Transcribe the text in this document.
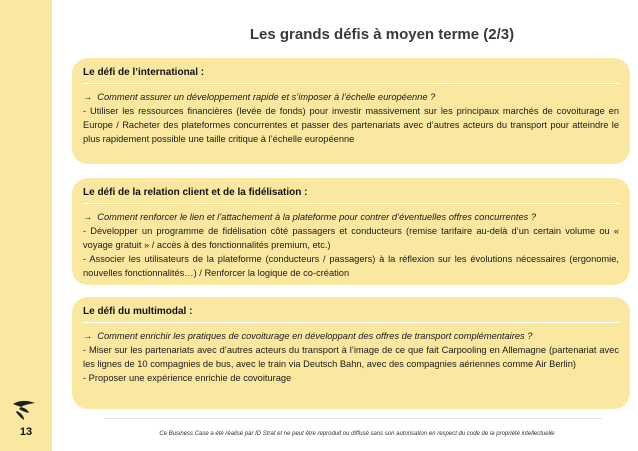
13
Les grands défis à moyen terme (2/3)
Le défi de l’international :

→ Comment assurer un développement rapide et s’imposer à l’échelle européenne ?

- Utiliser les ressources financières (levée de fonds) pour investir massivement sur les principaux marchés de covoiturage en Europe / Racheter des plateformes concurrentes et passer des partenariats avec d’autres acteurs du transport pour atteindre le plus rapidement possible une taille critique à l’échelle européenne

Le défi de la relation client et de la fidélisation :

→ Comment renforcer le lien et l’attachement à la plateforme pour contrer d’éventuelles offres concurrentes ?

- Développer un programme de fidélisation côté passagers et conducteurs (remise tarifaire au-delà d’un certain volume ou « voyage gratuit » / accès à des fonctionnalités premium, etc.)

- Associer les utilisateurs de la plateforme (conducteurs / passagers) à la réflexion sur les évolutions nécessaires (ergonomie, nouvelles fonctionnalités…) / Renforcer la logique de co-création

Le défi du multimodal :

→ Comment enrichir les pratiques de covoiturage en développant des offres de transport complémentaires ?

- Miser sur les partenariats avec d’autres acteurs du transport à l’image de ce que fait Carpooling en Allemagne (partenariat avec les lignes de 10 compagnies de bus, avec le train via Deutsch Bahn, avec des compagnies aériennes comme Air Berlin)

- Proposer une expérience enrichie de covoiturage

Ce Business Case a été réalisé par ID Strat et ne peut être reproduit ou diffusé sans son autorisation en respect du code de la propriété intellectuelle
